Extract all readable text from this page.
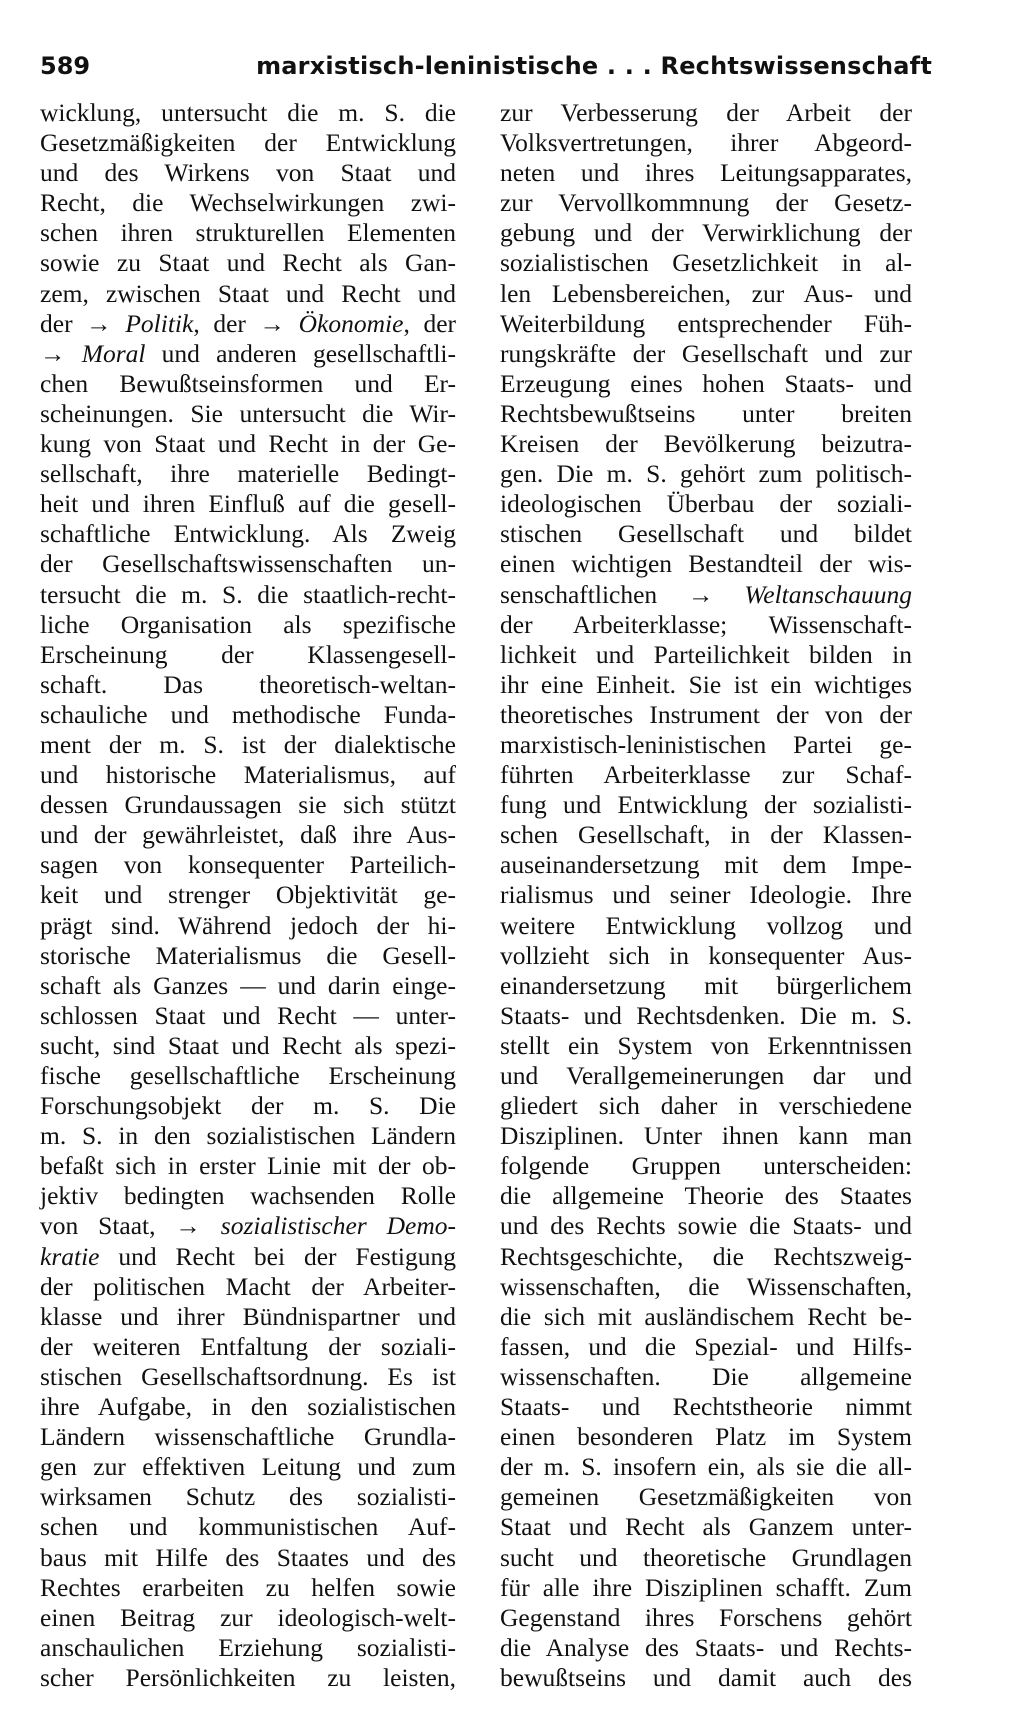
589	marxistisch-leninistische . . . Rechtswissenschaft
wicklung, untersucht die m. S. die
Gesetzmäßigkeiten der Entwicklung
und des Wirkens von Staat und
Recht, die Wechselwirkungen zwi-
schen ihren strukturellen Elementen
sowie zu Staat und Recht als Gan-
zem, zwischen Staat und Recht und
der → Politik, der → Ökonomie, der
→ Moral und anderen gesellschaftli-
chen Bewußtseinsformen und Er-
scheinungen. Sie untersucht die Wir-
kung von Staat und Recht in der Ge-
sellschaft, ihre materielle Bedingt-
heit und ihren Einfluß auf die gesell-
schaftliche Entwicklung. Als Zweig
der Gesellschaftswissenschaften un-
tersucht die m. S. die staatlich-recht-
liche Organisation als spezifische
Erscheinung der Klassengesell-
schaft. Das theoretisch-weltan-
schauliche und methodische Funda-
ment der m. S. ist der dialektische
und historische Materialismus, auf
dessen Grundaussagen sie sich stützt
und der gewährleistet, daß ihre Aus-
sagen von konsequenter Parteilich-
keit und strenger Objektivität ge-
prägt sind. Während jedoch der hi-
storische Materialismus die Gesell-
schaft als Ganzes — und darin einge-
schlossen Staat und Recht — unter-
sucht, sind Staat und Recht als spezi-
fische gesellschaftliche Erscheinung
Forschungsobjekt der m. S. Die
m. S. in den sozialistischen Ländern
befaßt sich in erster Linie mit der ob-
jektiv bedingten wachsenden Rolle
von Staat, → sozialistischer Demo-
kratie und Recht bei der Festigung
der politischen Macht der Arbeiter-
klasse und ihrer Bündnispartner und
der weiteren Entfaltung der soziali-
stischen Gesellschaftsordnung. Es ist
ihre Aufgabe, in den sozialistischen
Ländern wissenschaftliche Grundla-
gen zur effektiven Leitung und zum
wirksamen Schutz des sozialisti-
schen und kommunistischen Auf-
baus mit Hilfe des Staates und des
Rechtes erarbeiten zu helfen sowie
einen Beitrag zur ideologisch-welt-
anschaulichen Erziehung sozialisti-
scher Persönlichkeiten zu leisten,
zur Verbesserung der Arbeit der
Volksvertretungen, ihrer Abgeord-
neten und ihres Leitungsapparates,
zur Vervollkommnung der Gesetz-
gebung und der Verwirklichung der
sozialistischen Gesetzlichkeit in al-
len Lebensbereichen, zur Aus- und
Weiterbildung entsprechender Füh-
rungskräfte der Gesellschaft und zur
Erzeugung eines hohen Staats- und
Rechtsbewußtseins unter breiten
Kreisen der Bevölkerung beizutra-
gen. Die m. S. gehört zum politisch-
ideologischen Überbau der soziali-
stischen Gesellschaft und bildet
einen wichtigen Bestandteil der wis-
senschaftlichen → Weltanschauung
der Arbeiterklasse; Wissenschaft-
lichkeit und Parteilichkeit bilden in
ihr eine Einheit. Sie ist ein wichtiges
theoretisches Instrument der von der
marxistisch-leninistischen Partei ge-
führten Arbeiterklasse zur Schaf-
fung und Entwicklung der sozialisti-
schen Gesellschaft, in der Klassen-
auseinandersetzung mit dem Impe-
rialismus und seiner Ideologie. Ihre
weitere Entwicklung vollzog und
vollzieht sich in konsequenter Aus-
einandersetzung mit bürgerlichem
Staats- und Rechtsdenken. Die m. S.
stellt ein System von Erkenntnissen
und Verallgemeinerungen dar und
gliedert sich daher in verschiedene
Disziplinen. Unter ihnen kann man
folgende Gruppen unterscheiden:
die allgemeine Theorie des Staates
und des Rechts sowie die Staats- und
Rechtsgeschichte, die Rechtszweig-
wissenschaften, die Wissenschaften,
die sich mit ausländischem Recht be-
fassen, und die Spezial- und Hilfs-
wissenschaften. Die allgemeine
Staats- und Rechtstheorie nimmt
einen besonderen Platz im System
der m. S. insofern ein, als sie die all-
gemeinen Gesetzmäßigkeiten von
Staat und Recht als Ganzem unter-
sucht und theoretische Grundlagen
für alle ihre Disziplinen schafft. Zum
Gegenstand ihres Forschens gehört
die Analyse des Staats- und Rechts-
bewußtseins und damit auch des
